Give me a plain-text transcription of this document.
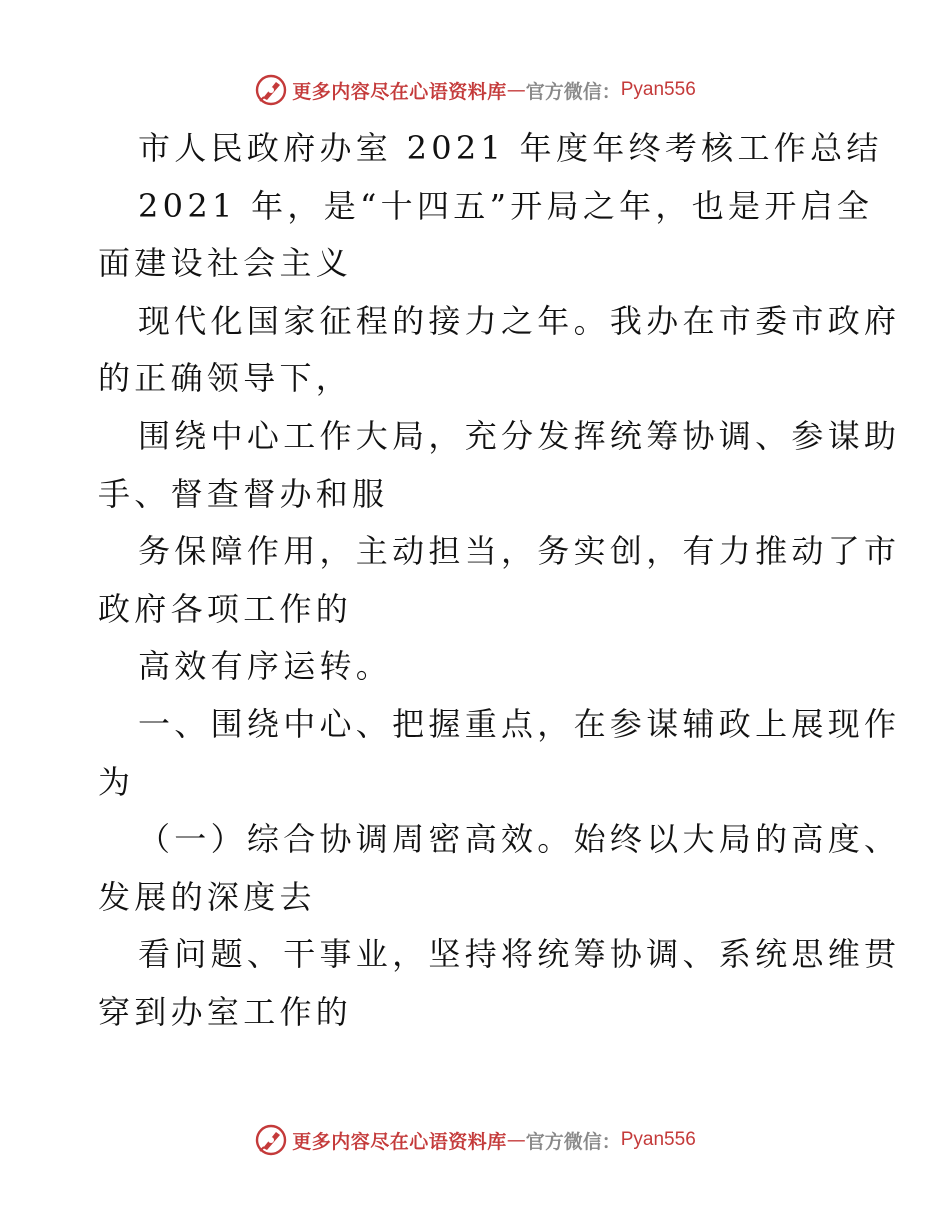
更多内容尽在心语资料库 — 官方微信： Pyan556
市人民政府办室 2021 年度年终考核工作总结
2021 年，是“十四五”开局之年，也是开启全
面建设社会主义
现代化国家征程的接力之年。我办在市委市政府
的正确领导下，
围绕中心工作大局，充分发挥统筹协调、参谋助
手、督查督办和服
务保障作用，主动担当，务实创，有力推动了市
政府各项工作的
高效有序运转。
一、围绕中心、把握重点，在参谋辅政上展现作
为
（一）综合协调周密高效。始终以大局的高度、
发展的深度去
看问题、干事业，坚持将统筹协调、系统思维贯
穿到办室工作的
更多内容尽在心语资料库 — 官方微信： Pyan556
